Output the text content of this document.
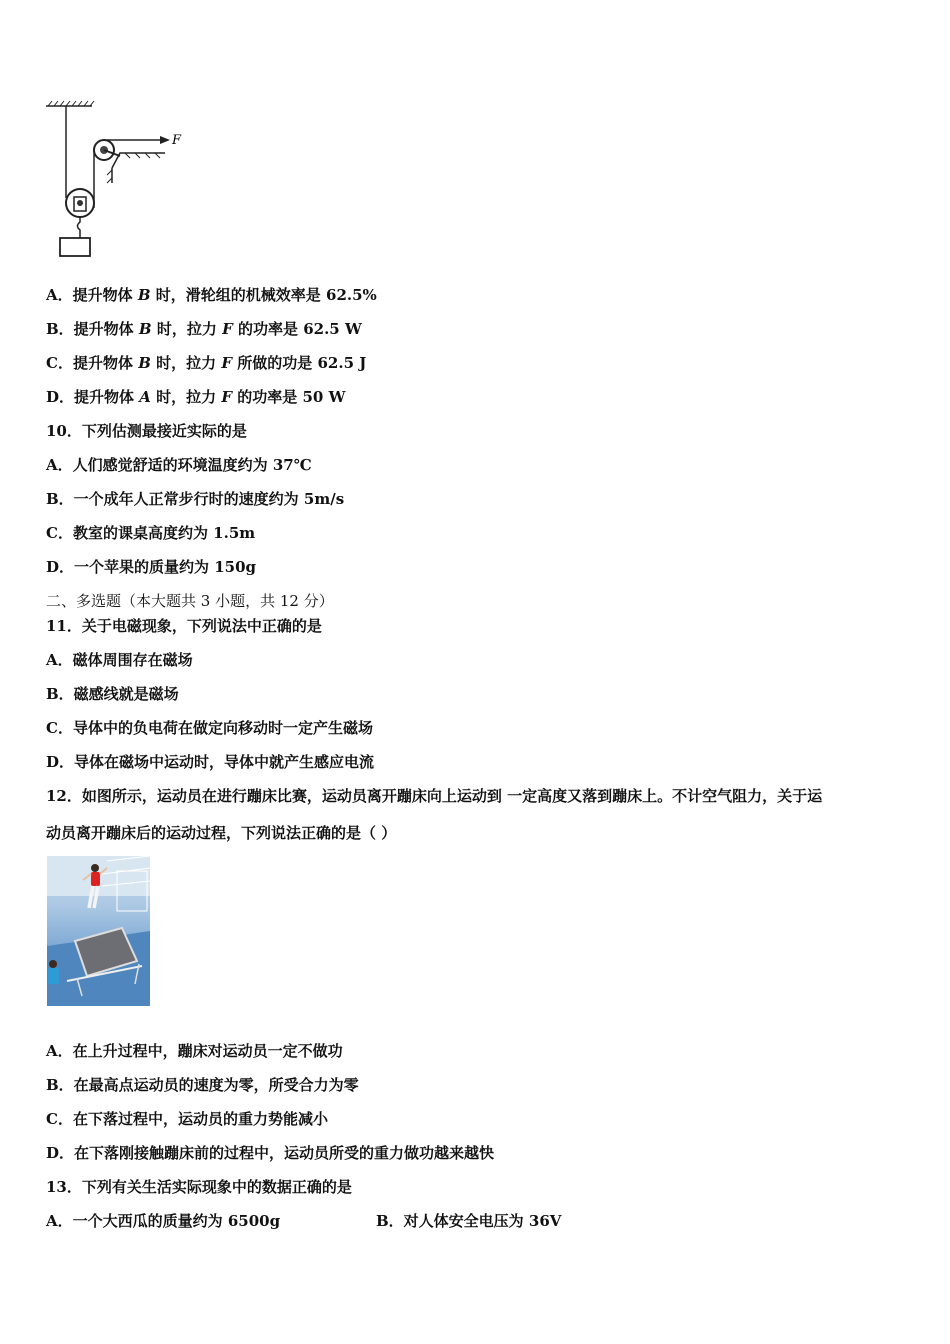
F
A．提升物体 B 时，滑轮组的机械效率是 62.5%
B．提升物体 B 时，拉力 F 的功率是 62.5 W
C．提升物体 B 时，拉力 F 所做的功是 62.5 J
D．提升物体 A 时，拉力 F 的功率是 50 W
10．下列估测最接近实际的是
A．人们感觉舒适的环境温度约为 37℃
B．一个成年人正常步行时的速度约为 5m/s
C．教室的课桌高度约为 1.5m
D．一个苹果的质量约为 150g
二、多选题（本大题共 3 小题，共 12 分）
11．关于电磁现象，下列说法中正确的是
A．磁体周围存在磁场
B．磁感线就是磁场
C．导体中的负电荷在做定向移动时一定产生磁场
D．导体在磁场中运动时，导体中就产生感应电流
12．如图所示，运动员在进行蹦床比赛，运动员离开蹦床向上运动到 一定高度又落到蹦床上。不计空气阻力，关于运
动员离开蹦床后的运动过程，下列说法正确的是（ ）
A．在上升过程中，蹦床对运动员一定不做功
B．在最高点运动员的速度为零，所受合力为零
C．在下落过程中，运动员的重力势能减小
D．在下落刚接触蹦床前的过程中，运动员所受的重力做功越来越快
13．下列有关生活实际现象中的数据正确的是
A．一个大西瓜的质量约为 6500g	B．对人体安全电压为 36V
